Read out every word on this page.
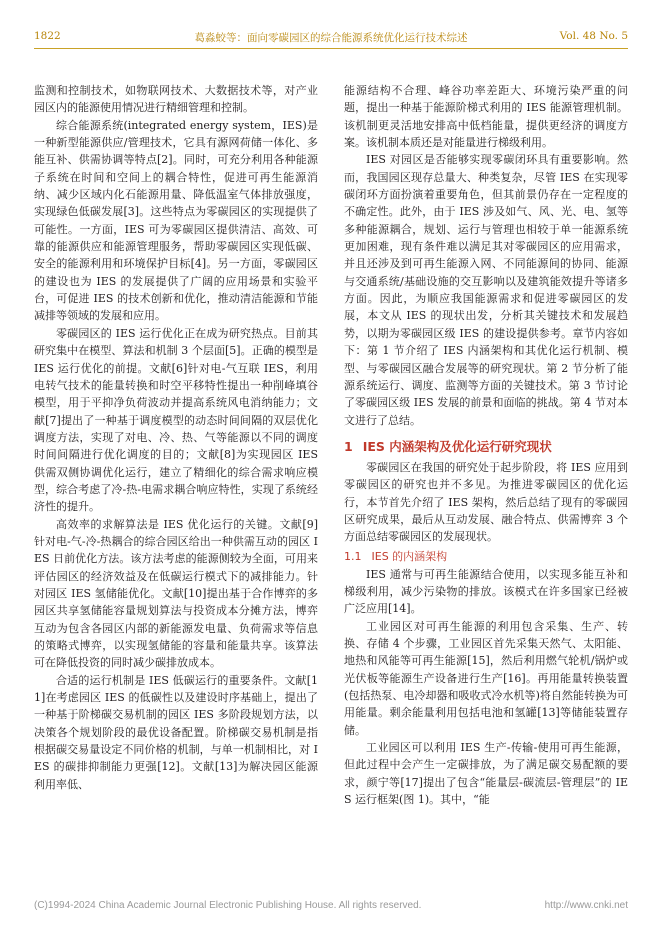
1822	葛淼蛟等：面向零碳园区的综合能源系统优化运行技术综述	Vol. 48 No. 5

监测和控制技术，如物联网技术、大数据技术等，对产业园区内的能源使用情况进行精细管理和控制。

综合能源系统(integrated energy system，IES)是一种新型能源供应/管理技术，它具有源网荷储一体化、多能互补、供需协调等特点[2]。同时，可充分利用各种能源子系统在时间和空间上的耦合特性，促进可再生能源消纳、减少区域内化石能源用量、降低温室气体排放强度，实现绿色低碳发展[3]。这些特点为零碳园区的实现提供了可能性。一方面，IES 可为零碳园区提供清洁、高效、可靠的能源供应和能源管理服务，帮助零碳园区实现低碳、安全的能源利用和环境保护目标[4]。另一方面，零碳园区的建设也为 IES 的发展提供了广阔的应用场景和实验平台，可促进 IES 的技术创新和优化，推动清洁能源和节能减排等领域的发展和应用。

零碳园区的 IES 运行优化正在成为研究热点。目前其研究集中在模型、算法和机制 3 个层面[5]。正确的模型是 IES 运行优化的前提。文献[6]针对电-气互联 IES，利用电转气技术的能量转换和时空平移特性提出一种削峰填谷模型，用于平抑净负荷波动并提高系统风电消纳能力；文献[7]提出了一种基于调度模型的动态时间间隔的双层优化调度方法，实现了对电、冷、热、气等能源以不同的调度时间间隔进行优化调度的目的；文献[8]为实现园区 IES 供需双侧协调优化运行，建立了精细化的综合需求响应模型，综合考虑了冷-热-电需求耦合响应特性，实现了系统经济性的提升。

高效率的求解算法是 IES 优化运行的关键。文献[9]针对电-气-冷-热耦合的综合园区给出一种供需互动的园区 IES 日前优化方法。该方法考虑的能源侧较为全面，可用来评估园区的经济效益及在低碳运行模式下的减排能力。针对园区 IES 氢储能优化。文献[10]提出基于合作博弈的多园区共享氢储能容量规划算法与投资成本分摊方法，博弈互动为包含各园区内部的新能源发电量、负荷需求等信息的策略式博弈，以实现氢储能的容量和能量共享。该算法可在降低投资的同时减少碳排放成本。

合适的运行机制是 IES 低碳运行的重要条件。文献[11]在考虑园区 IES 的低碳性以及建设时序基础上，提出了一种基于阶梯碳交易机制的园区 IES 多阶段规划方法，以决策各个规划阶段的最优设备配置。阶梯碳交易机制是指根据碳交易量设定不同价格的机制，与单一机制相比，对 IES 的碳排抑制能力更强[12]。文献[13]为解决园区能源利用率低、

能源结构不合理、峰谷功率差距大、环境污染严重的问题，提出一种基于能源阶梯式利用的 IES 能源管理机制。该机制更灵活地安排高中低档能量，提供更经济的调度方案。该机制本质还是对能量进行梯级利用。

IES 对园区是否能够实现零碳闭环具有重要影响。然而，我国园区现存总量大、种类复杂，尽管 IES 在实现零碳闭环方面扮演着重要角色，但其前景仍存在一定程度的不确定性。此外，由于 IES 涉及如气、风、光、电、氢等多种能源耦合，规划、运行与管理也相较于单一能源系统更加困难，现有条件难以满足其对零碳园区的应用需求，并且还涉及到可再生能源入网、不同能源间的协同、能源与交通系统/基础设施的交互影响以及建筑能效提升等诸多方面。因此，为顺应我国能源需求和促进零碳园区的发展，本文从 IES 的现状出发，分析其关键技术和发展趋势，以期为零碳园区级 IES 的建设提供参考。章节内容如下：第 1 节介绍了 IES 内涵架构和其优化运行机制、模型、与零碳园区融合发展等的研究现状。第 2 节分析了能源系统运行、调度、监测等方面的关键技术。第 3 节讨论了零碳园区级 IES 发展的前景和面临的挑战。第 4 节对本文进行了总结。

1 IES 内涵架构及优化运行研究现状

零碳园区在我国的研究处于起步阶段，将 IES 应用到零碳园区的研究也并不多见。为推进零碳园区的优化运行，本节首先介绍了 IES 架构，然后总结了现有的零碳园区研究成果，最后从互动发展、融合特点、供需博弈 3 个方面总结零碳园区的发展现状。

1.1 IES 的内涵架构

IES 通常与可再生能源结合使用，以实现多能互补和梯级利用，减少污染物的排放。该模式在许多国家已经被广泛应用[14]。

工业园区对可再生能源的利用包含采集、生产、转换、存储 4 个步骤，工业园区首先采集天然气、太阳能、地热和风能等可再生能源[15]，然后利用燃气轮机/锅炉或光伏板等能源生产设备进行生产[16]。再用能量转换装置(包括热泵、电冷却器和吸收式冷水机等)将自然能转换为可用能量。剩余能量利用包括电池和氢罐[13]等储能装置存储。

工业园区可以利用 IES 生产-传输-使用可再生能源，但此过程中会产生一定碳排放，为了满足碳交易配额的要求，颜宁等[17]提出了包含“能量层-碳流层-管理层”的 IES 运行框架(图 1)。其中，“能

(C)1994-2024 China Academic Journal Electronic Publishing House. All rights reserved.	http://www.cnki.net
